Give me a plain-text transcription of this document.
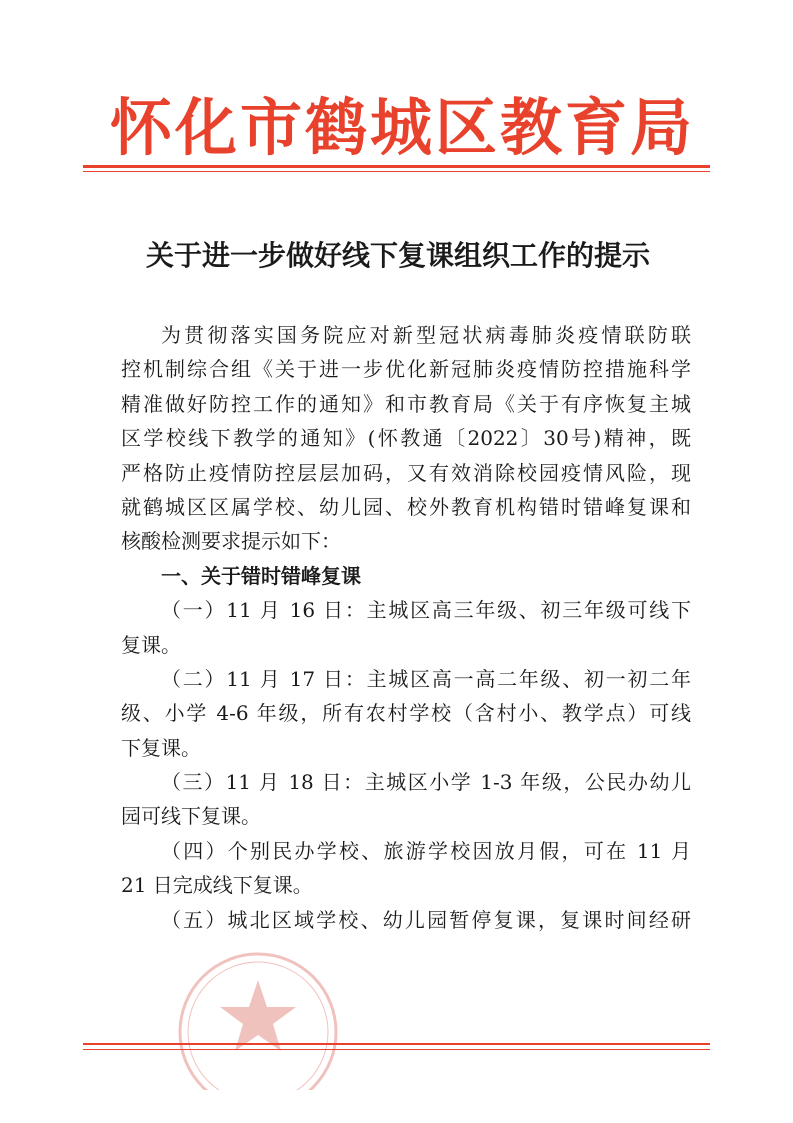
怀化市鹤城区教育局
关于进一步做好线下复课组织工作的提示
为贯彻落实国务院应对新型冠状病毒肺炎疫情联防联
控机制综合组《关于进一步优化新冠肺炎疫情防控措施科学
精准做好防控工作的通知》和市教育局《关于有序恢复主城
区学校线下教学的通知》(怀教通〔2022〕30号)精神，既
严格防止疫情防控层层加码，又有效消除校园疫情风险，现
就鹤城区区属学校、幼儿园、校外教育机构错时错峰复课和
核酸检测要求提示如下：
一、关于错时错峰复课
（一）11 月 16 日：主城区高三年级、初三年级可线下
复课。
（二）11 月 17 日：主城区高一高二年级、初一初二年
级、小学 4-6 年级，所有农村学校（含村小、教学点）可线
下复课。
（三）11 月 18 日：主城区小学 1-3 年级，公民办幼儿
园可线下复课。
（四）个别民办学校、旅游学校因放月假，可在 11 月
21 日完成线下复课。
（五）城北区域学校、幼儿园暂停复课，复课时间经研
